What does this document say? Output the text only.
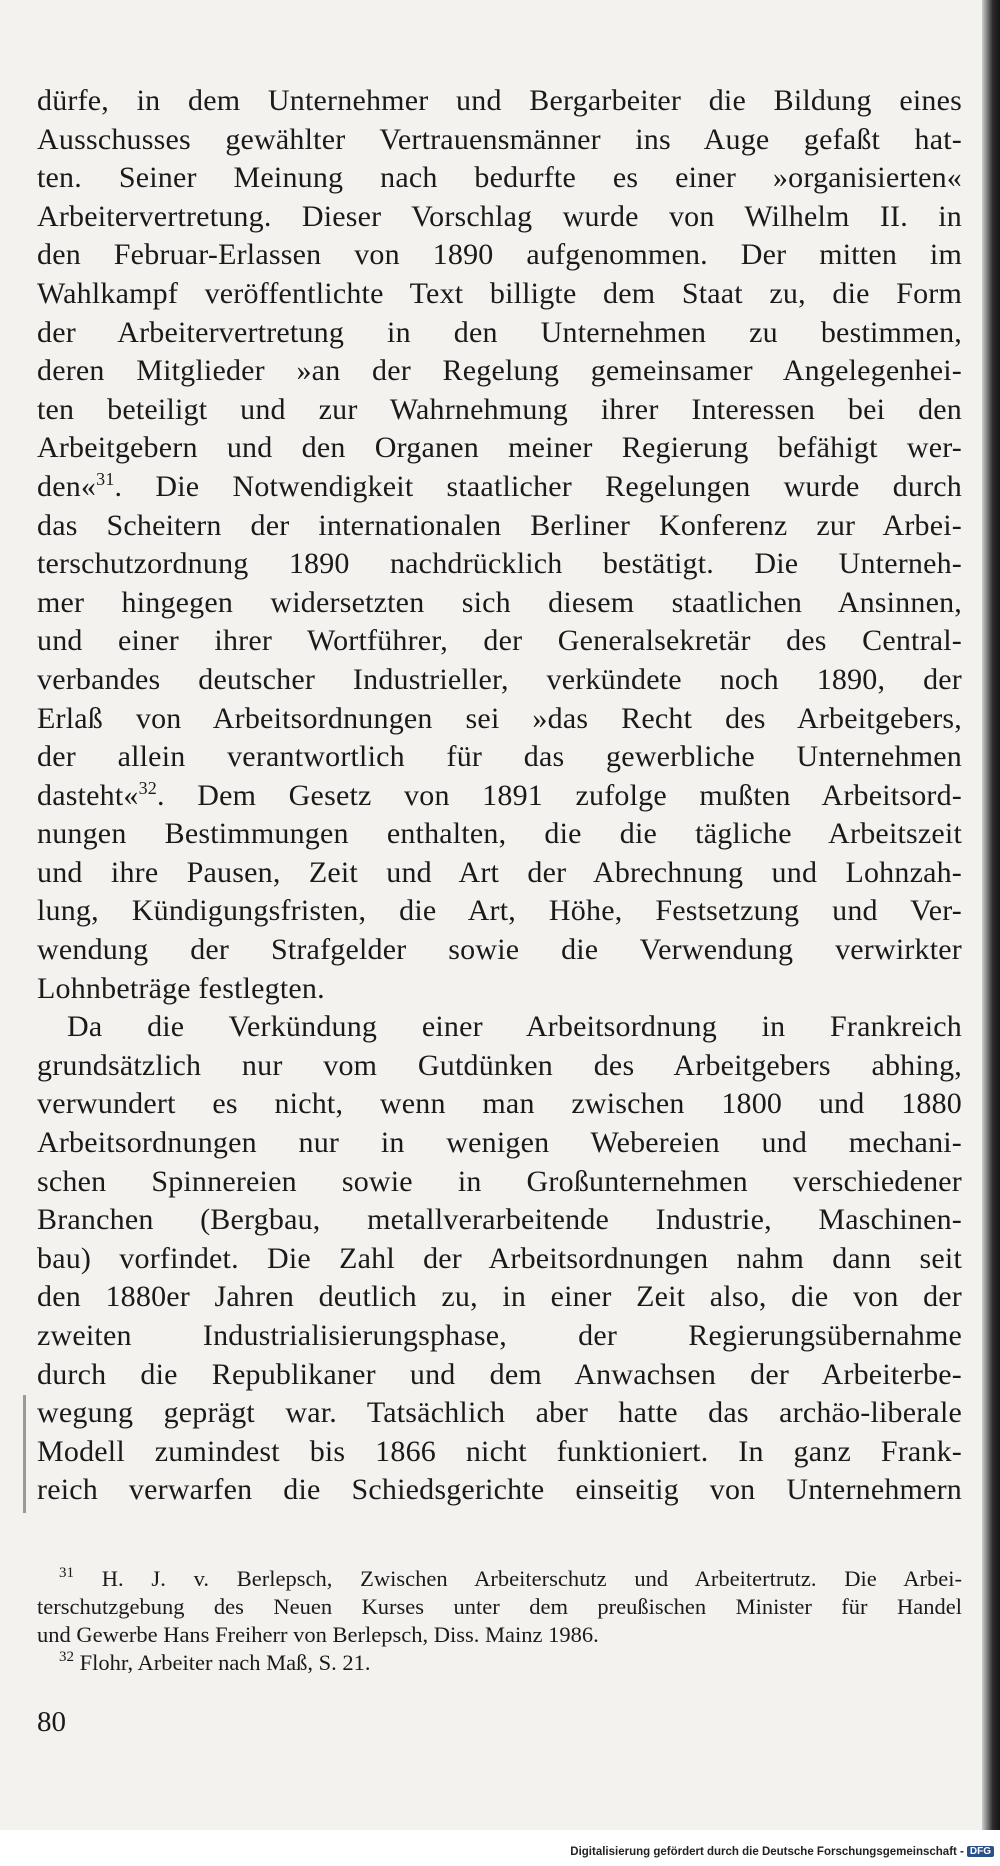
dürfe, in dem Unternehmer und Bergarbeiter die Bildung eines
Ausschusses gewählter Vertrauensmänner ins Auge gefaßt hat-
ten. Seiner Meinung nach bedurfte es einer »organisierten«
Arbeitervertretung. Dieser Vorschlag wurde von Wilhelm II. in
den Februar-Erlassen von 1890 aufgenommen. Der mitten im
Wahlkampf veröffentlichte Text billigte dem Staat zu, die Form
der Arbeitervertretung in den Unternehmen zu bestimmen,
deren Mitglieder »an der Regelung gemeinsamer Angelegenhei-
ten beteiligt und zur Wahrnehmung ihrer Interessen bei den
Arbeitgebern und den Organen meiner Regierung befähigt wer-
den«$^{31}$. Die Notwendigkeit staatlicher Regelungen wurde durch
das Scheitern der internationalen Berliner Konferenz zur Arbei-
terschutzordnung 1890 nachdrücklich bestätigt. Die Unterneh-
mer hingegen widersetzten sich diesem staatlichen Ansinnen,
und einer ihrer Wortführer, der Generalsekretär des Central-
verbandes deutscher Industrieller, verkündete noch 1890, der
Erlaß von Arbeitsordnungen sei »das Recht des Arbeitgebers,
der allein verantwortlich für das gewerbliche Unternehmen
dasteht«$^{32}$. Dem Gesetz von 1891 zufolge mußten Arbeitsord-
nungen Bestimmungen enthalten, die die tägliche Arbeitszeit
und ihre Pausen, Zeit und Art der Abrechnung und Lohnzah-
lung, Kündigungsfristen, die Art, Höhe, Festsetzung und Ver-
wendung der Strafgelder sowie die Verwendung verwirkter
Lohnbeträge festlegten.
Da die Verkündung einer Arbeitsordnung in Frankreich
grundsätzlich nur vom Gutdünken des Arbeitgebers abhing,
verwundert es nicht, wenn man zwischen 1800 und 1880
Arbeitsordnungen nur in wenigen Webereien und mechani-
schen Spinnereien sowie in Großunternehmen verschiedener
Branchen (Bergbau, metallverarbeitende Industrie, Maschinen-
bau) vorfindet. Die Zahl der Arbeitsordnungen nahm dann seit
den 1880er Jahren deutlich zu, in einer Zeit also, die von der
zweiten Industrialisierungsphase, der Regierungsübernahme
durch die Republikaner und dem Anwachsen der Arbeiterbe-
wegung geprägt war. Tatsächlich aber hatte das archäo-liberale
Modell zumindest bis 1866 nicht funktioniert. In ganz Frank-
reich verwarfen die Schiedsgerichte einseitig von Unternehmern
$^{31}$ H. J. v. Berlepsch, Zwischen Arbeiterschutz und Arbeitertrutz. Die Arbei-
terschutzgebung des Neuen Kurses unter dem preußischen Minister für Handel
und Gewerbe Hans Freiherr von Berlepsch, Diss. Mainz 1986.
$^{32}$ Flohr, Arbeiter nach Maß, S. 21.
80
Digitalisierung gefördert durch die Deutsche Forschungsgemeinschaft - DFG
